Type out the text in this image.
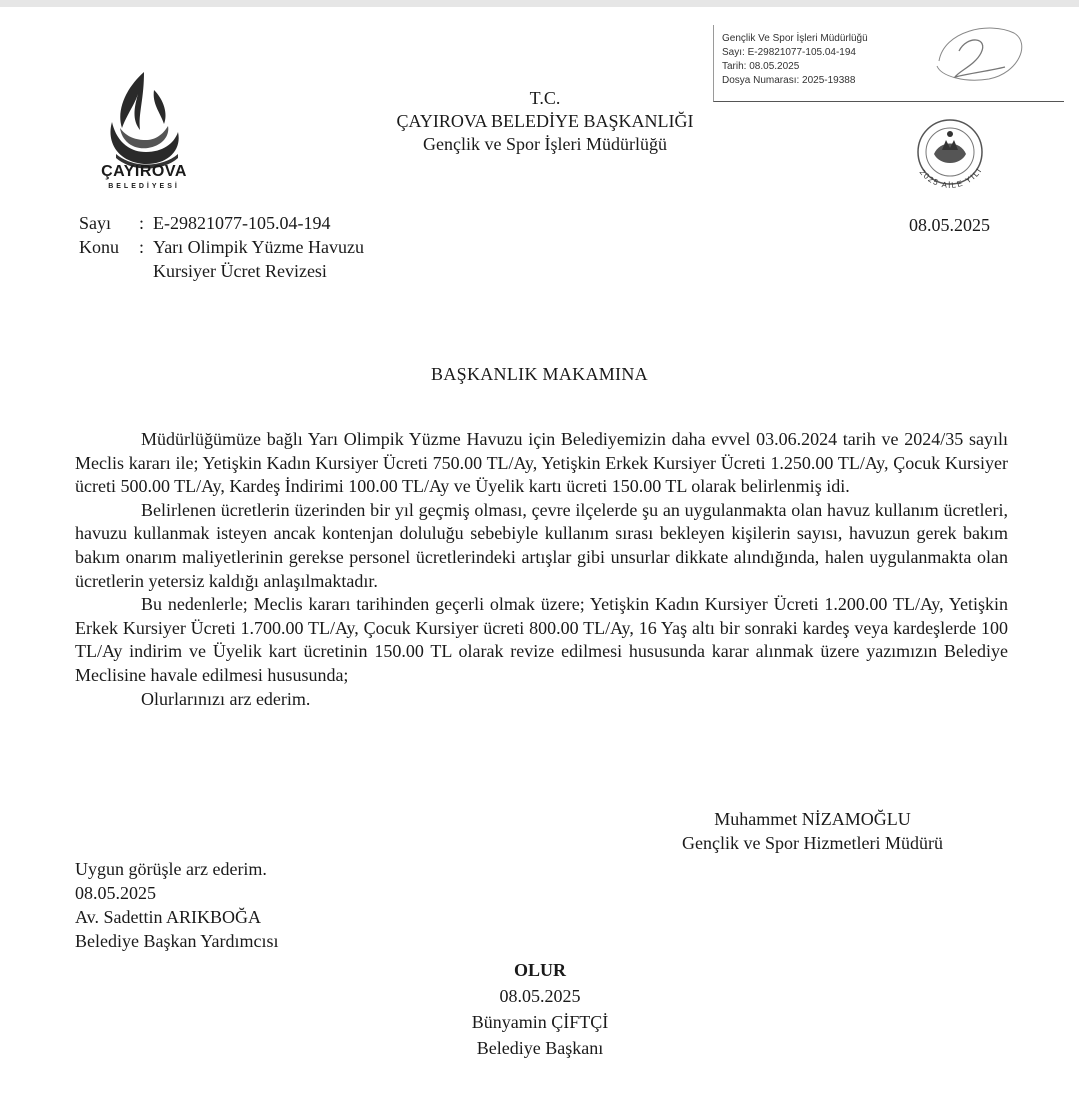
Gençlik Ve Spor İşleri Müdürlüğü
Sayı: E-29821077-105.04-194
Tarih: 08.05.2025
Dosya Numarası: 2025-19388
ÇAYIROVA
BELEDİYESİ
T.C.
ÇAYIROVA BELEDİYE BAŞKANLIĞI
Gençlik ve Spor İşleri Müdürlüğü
2025 AİLE YILI
08.05.2025
Sayı	: E-29821077-105.04-194
Konu	: Yarı Olimpik Yüzme Havuzu
Kursiyer Ücret Revizesi
BAŞKANLIK MAKAMINA

Müdürlüğümüze bağlı Yarı Olimpik Yüzme Havuzu için Belediyemizin daha evvel 03.06.2024 tarih ve 2024/35 sayılı Meclis kararı ile; Yetişkin Kadın Kursiyer Ücreti 750.00 TL/Ay, Yetişkin Erkek Kursiyer Ücreti 1.250.00 TL/Ay, Çocuk Kursiyer ücreti 500.00 TL/Ay, Kardeş İndirimi 100.00 TL/Ay ve Üyelik kartı ücreti 150.00 TL olarak belirlenmiş idi.

Belirlenen ücretlerin üzerinden bir yıl geçmiş olması, çevre ilçelerde şu an uygulanmakta olan havuz kullanım ücretleri, havuzu kullanmak isteyen ancak kontenjan doluluğu sebebiyle kullanım sırası bekleyen kişilerin sayısı, havuzun gerek bakım bakım onarım maliyetlerinin gerekse personel ücretlerindeki artışlar gibi unsurlar dikkate alındığında, halen uygulanmakta olan ücretlerin yetersiz kaldığı anlaşılmaktadır.

Bu nedenlerle; Meclis kararı tarihinden geçerli olmak üzere; Yetişkin Kadın Kursiyer Ücreti 1.200.00 TL/Ay, Yetişkin Erkek Kursiyer Ücreti 1.700.00 TL/Ay, Çocuk Kursiyer ücreti 800.00 TL/Ay, 16 Yaş altı bir sonraki kardeş veya kardeşlerde 100 TL/Ay indirim ve Üyelik kart ücretinin 150.00 TL olarak revize edilmesi hususunda karar alınmak üzere yazımızın Belediye Meclisine havale edilmesi hususunda;

Olurlarınızı arz ederim.

Muhammet NİZAMOĞLU
Gençlik ve Spor Hizmetleri Müdürü
Uygun görüşle arz ederim.
08.05.2025
Av. Sadettin ARIKBOĞA
Belediye Başkan Yardımcısı
OLUR
08.05.2025
Bünyamin ÇİFTÇİ
Belediye Başkanı
